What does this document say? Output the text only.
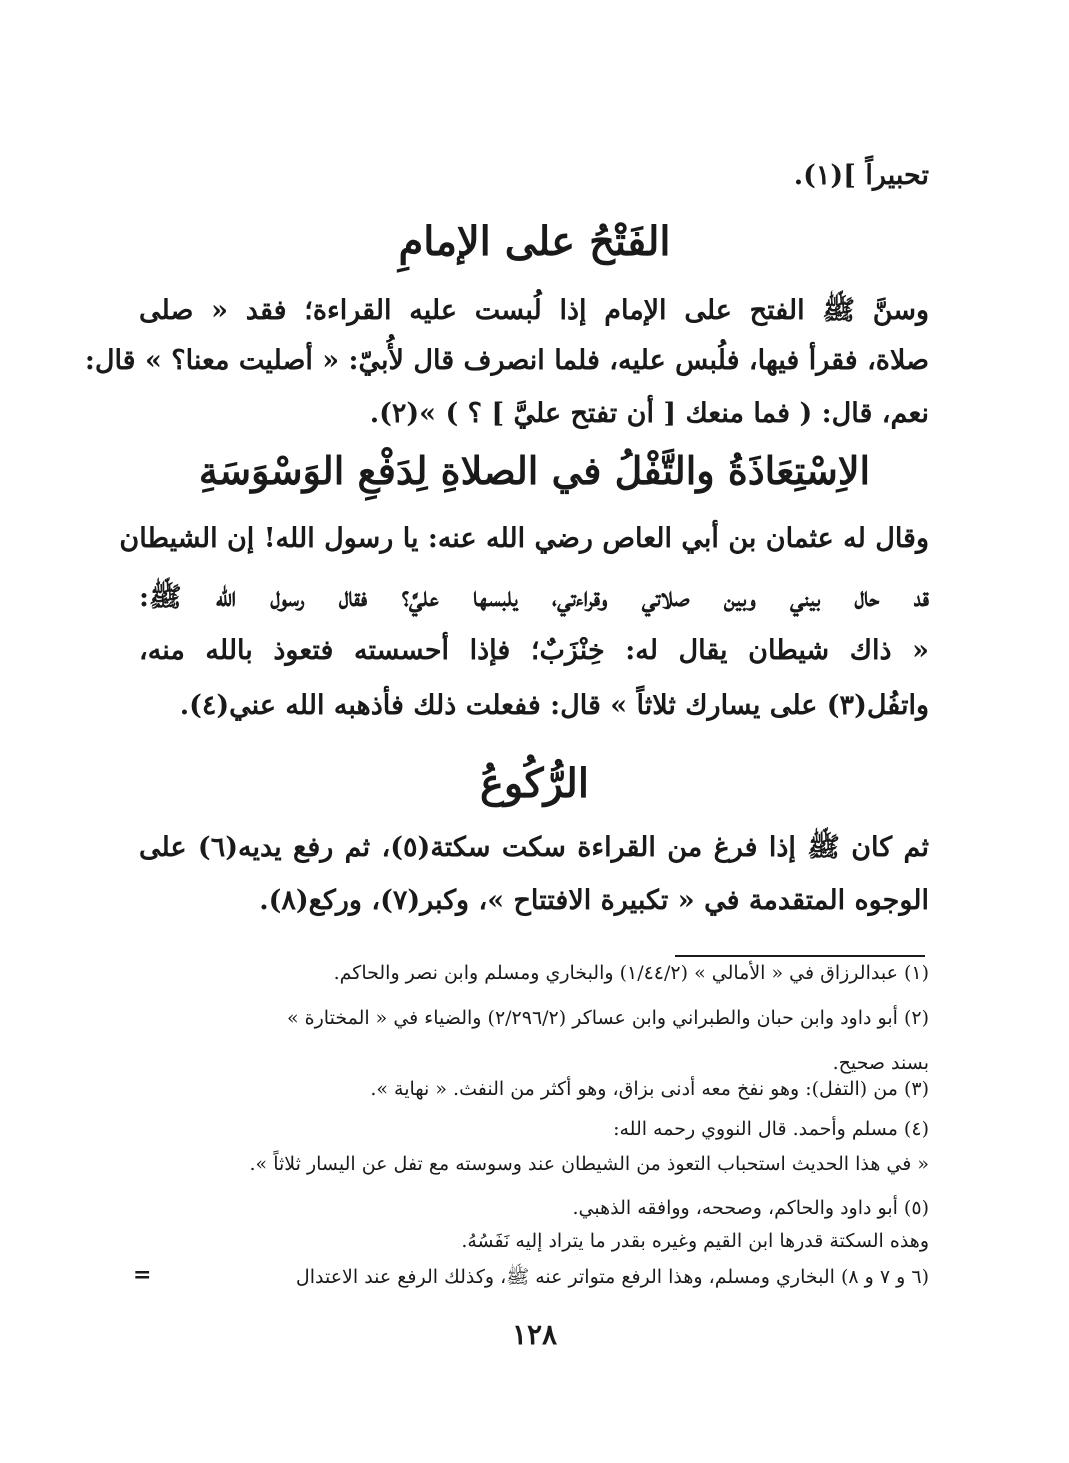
تحبيراً ](١).
الفَتْحُ على الإمامِ
وسنَّ ﷺ الفتح على الإمام إذا لُبست عليه القراءة؛ فقد « صلى
صلاة، فقرأ فيها، فلُبس عليه، فلما انصرف قال لأُبيّ: « أصليت معنا؟ » قال:
نعم، قال: ( فما منعك [ أن تفتح عليَّ ] ؟ ) »(٢).
الاِسْتِعَاذَةُ والتَّفْلُ في الصلاةِ لِدَفْعِ الوَسْوَسَةِ
وقال له عثمان بن أبي العاص رضي الله عنه: يا رسول الله! إن الشيطان
قد حال بيني وبين صلاتي وقراءتي، يلبسها عليَّ؟ فقال رسول الله ﷺ:
« ذاك شيطان يقال له: خِنْزَبٌ؛ فإذا أحسسته فتعوذ بالله منه،
واتفُل(٣) على يسارك ثلاثاً » قال: ففعلت ذلك فأذهبه الله عني(٤).
الرُّكُوعُ
ثم كان ﷺ إذا فرغ من القراءة سكت سكتة(٥)، ثم رفع يديه(٦) على
الوجوه المتقدمة في « تكبيرة الافتتاح »، وكبر(٧)، وركع(٨).
(١) عبدالرزاق في « الأمالي » (١/٤٤/٢) والبخاري ومسلم وابن نصر والحاكم.
(٢) أبو داود وابن حبان والطبراني وابن عساكر (٢/٢٩٦/٢) والضياء في « المختارة »
بسند صحيح.
(٣) من (التفل): وهو نفخ معه أدنى بزاق، وهو أكثر من النفث. « نهاية ».
(٤) مسلم وأحمد. قال النووي رحمه الله:
« في هذا الحديث استحباب التعوذ من الشيطان عند وسوسته مع تفل عن اليسار ثلاثاً ».
(٥) أبو داود والحاكم، وصححه، ووافقه الذهبي.
وهذه السكتة قدرها ابن القيم وغيره بقدر ما يتراد إليه نَفَسُهُ.
(٦ و ٧ و ٨) البخاري ومسلم، وهذا الرفع متواتر عنه ﷺ، وكذلك الرفع عند الاعتدال
=
١٢٨
